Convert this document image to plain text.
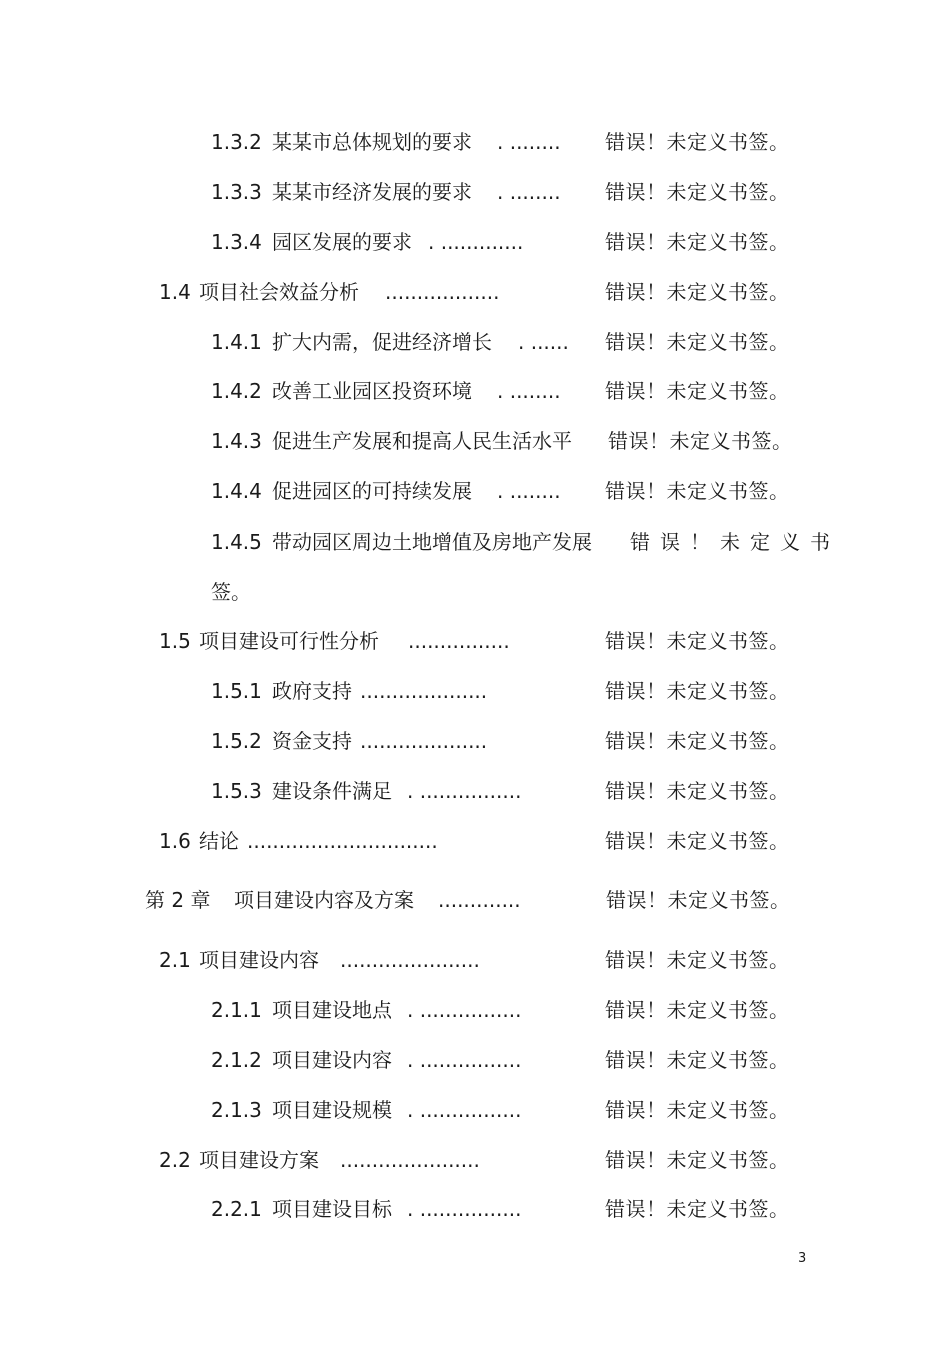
1.3.2 某某市总体规划的要求 . ........ 错误！未定义书签。
1.3.3 某某市经济发展的要求 . ........ 错误！未定义书签。
1.3.4 园区发展的要求 . .............	错误！未定义书签。
1.4 项目社会效益分析 ..................	错误！未定义书签。
1.4.1 扩大内需，促进经济增长 . ...... 错误！未定义书签。
1.4.2 改善工业园区投资环境 . ........ 错误！未定义书签。
1.4.3 促进生产发展和提高人民生活水平 错误！未定义书签。
1.4.4 促进园区的可持续发展 . ........ 错误！未定义书签。
1.4.5 带动园区周边土地增值及房地产发展 错误！未定义书
签。
1.5 项目建设可行性分析 ................	错误！未定义书签。
1.5.1 政府支持 ....................	错误！未定义书签。
1.5.2 资金支持 ....................	错误！未定义书签。
1.5.3 建设条件满足 . ................	错误！未定义书签。
1.6 结论 ..............................	错误！未定义书签。
第 2 章 项目建设内容及方案 .............	错误！未定义书签。
2.1 项目建设内容 ......................	错误！未定义书签。
2.1.1 项目建设地点 . ................	错误！未定义书签。
2.1.2 项目建设内容 . ................	错误！未定义书签。
2.1.3 项目建设规模 . ................	错误！未定义书签。
2.2 项目建设方案 ......................	错误！未定义书签。
2.2.1 项目建设目标 . ................	错误！未定义书签。
3
